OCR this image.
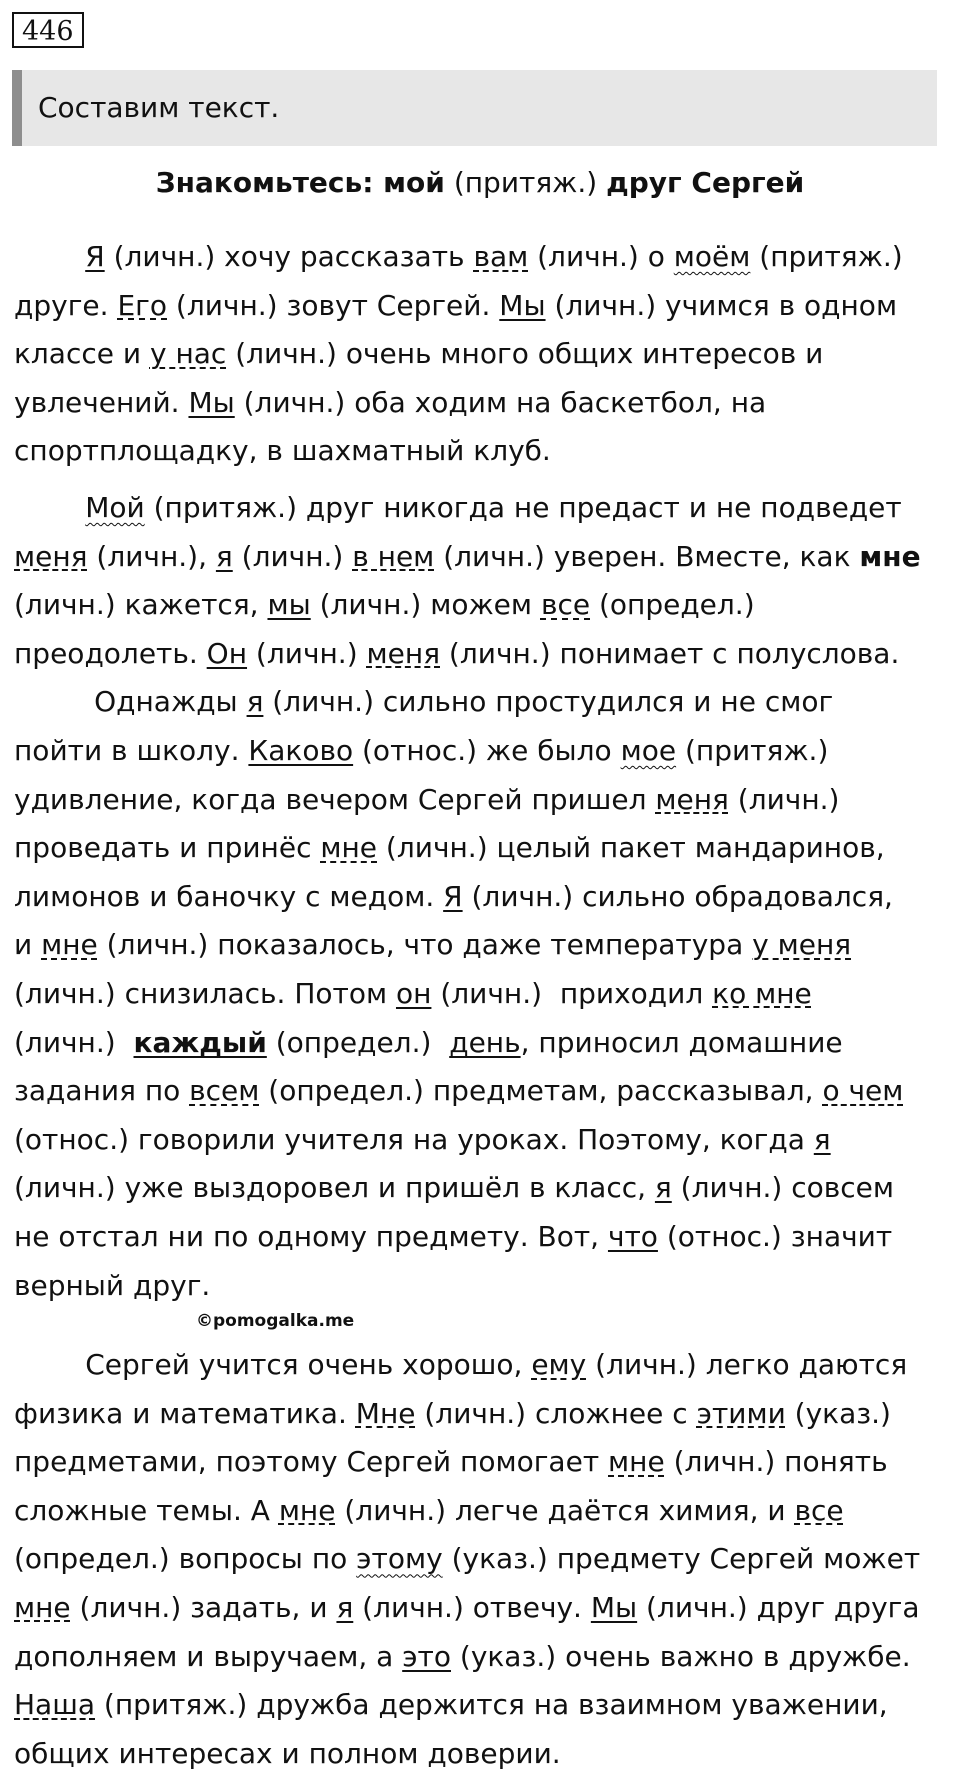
446
Составим текст.
Знакомьтесь: мой (притяж.) друг Сергей
Я (личн.) хочу рассказать вам (личн.) о моём (притяж.)
друге. Его (личн.) зовут Сергей. Мы (личн.) учимся в одном
классе и у нас (личн.) очень много общих интересов и
увлечений. Мы (личн.) оба ходим на баскетбол, на
спортплощадку, в шахматный клуб.
Мой (притяж.) друг никогда не предаст и не подведет
меня (личн.), я (личн.) в нем (личн.) уверен. Вместе, как мне
(личн.) кажется, мы (личн.) можем все (определ.)
преодолеть. Он (личн.) меня (личн.) понимает с полуслова.
Однажды я (личн.) сильно простудился и не смог
пойти в школу. Каково (относ.) же было мое (притяж.)
удивление, когда вечером Сергей пришел меня (личн.)
проведать и принёс мне (личн.) целый пакет мандаринов,
лимонов и баночку с медом. Я (личн.) сильно обрадовался,
и мне (личн.) показалось, что даже температура у меня
(личн.) снизилась. Потом он (личн.)  приходил ко мне
(личн.)  каждый (определ.)  день, приносил домашние
задания по всем (определ.) предметам, рассказывал, о чем
(относ.) говорили учителя на уроках. Поэтому, когда я
(личн.) уже выздоровел и пришёл в класс, я (личн.) совсем
не отстал ни по одному предмету. Вот, что (относ.) значит
верный друг.
Сергей учится очень хорошо, ему (личн.) легко даются
физика и математика. Мне (личн.) сложнее с этими (указ.)
предметами, поэтому Сергей помогает мне (личн.) понять
сложные темы. А мне (личн.) легче даётся химия, и все
(определ.) вопросы по этому (указ.) предмету Сергей может
мне (личн.) задать, и я (личн.) отвечу. Мы (личн.) друг друга
дополняем и выручаем, а это (указ.) очень важно в дружбе.
Наша (притяж.) дружба держится на взаимном уважении,
общих интересах и полном доверии.
©pomogalka.me
